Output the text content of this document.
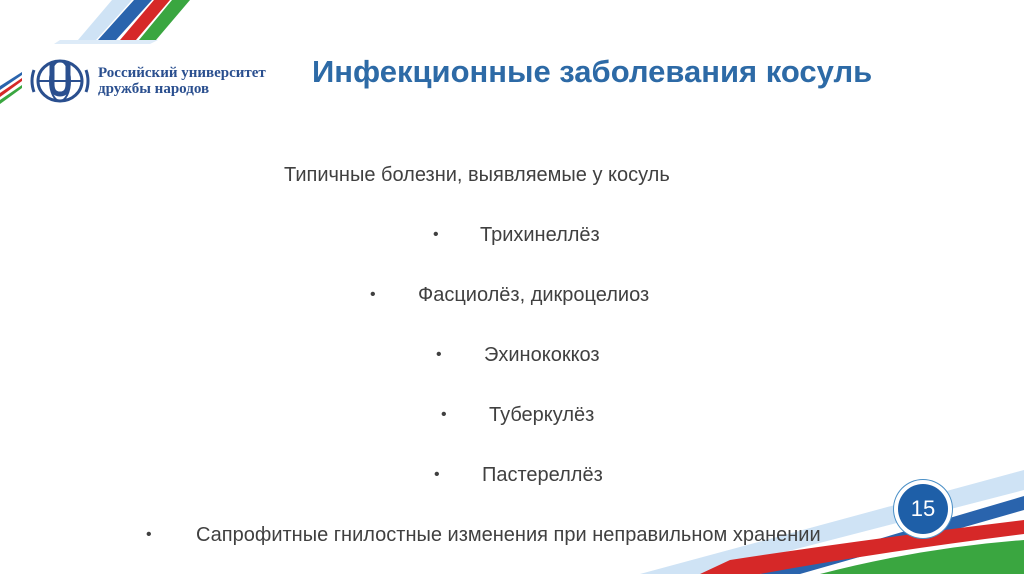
Российский университет
дружбы народов	Инфекционные заболевания косуль
Типичные болезни, выявляемые у косуль
• Трихинеллёз
• Фасциолёз, дикроцелиоз
• Эхинококкоз
• Туберкулёз
• Пастереллёз
• Сапрофитные гнилостные изменения при неправильном хранении
15
